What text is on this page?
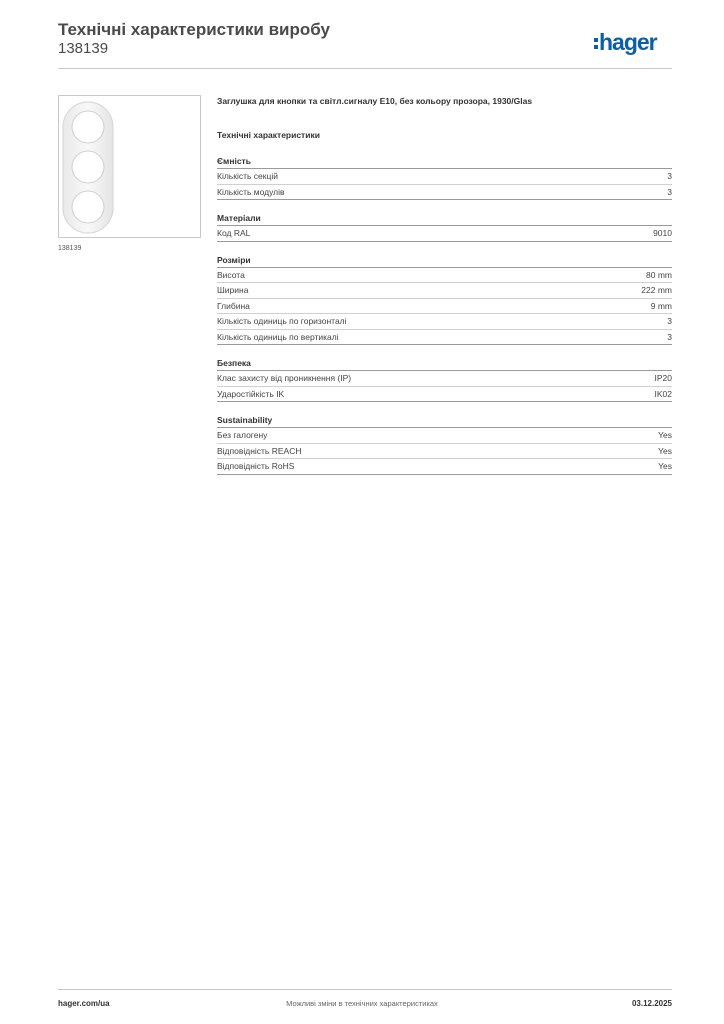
Технічні характеристики виробу
138139	hager
138139
Заглушка для кнопки та світл.сигналу E10, без кольору прозора, 1930/Glas
Технічні характеристики
Ємність
Кількість секцій	3
Кількість модулів	3
Матеріали
Код RAL	9010
Розміри
Висота	80 mm
Ширина	222 mm
Глибина	9 mm
Кількість одиниць по горизонталі	3
Кількість одиниць по вертикалі	3
Безпека
Клас захисту від проникнення (IP)	IP20
Ударостійкість IK	IK02
Sustainability
Без галогену	Yes
Відповідність REACH	Yes
Відповідність RoHS	Yes
hager.com/ua	Можливі зміни в технічних характеристиках	03.12.2025
